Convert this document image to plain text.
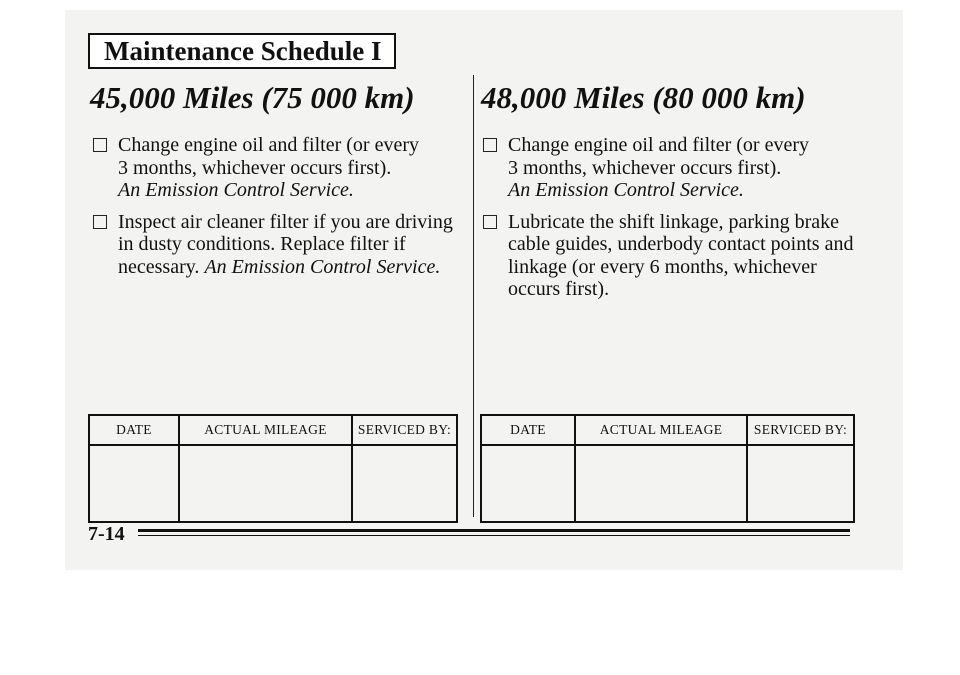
Maintenance Schedule I
45,000 Miles (75 000 km)
Change engine oil and filter (or every
3 months, whichever occurs first).
An Emission Control Service.
Inspect air cleaner filter if you are driving
in dusty conditions. Replace filter if
necessary. An Emission Control Service.
DATE	ACTUAL MILEAGE	SERVICED BY:

48,000 Miles (80 000 km)
Change engine oil and filter (or every
3 months, whichever occurs first).
An Emission Control Service.
Lubricate the shift linkage, parking brake
cable guides, underbody contact points and
linkage (or every 6 months, whichever
occurs first).
DATE	ACTUAL MILEAGE	SERVICED BY:

7-14
